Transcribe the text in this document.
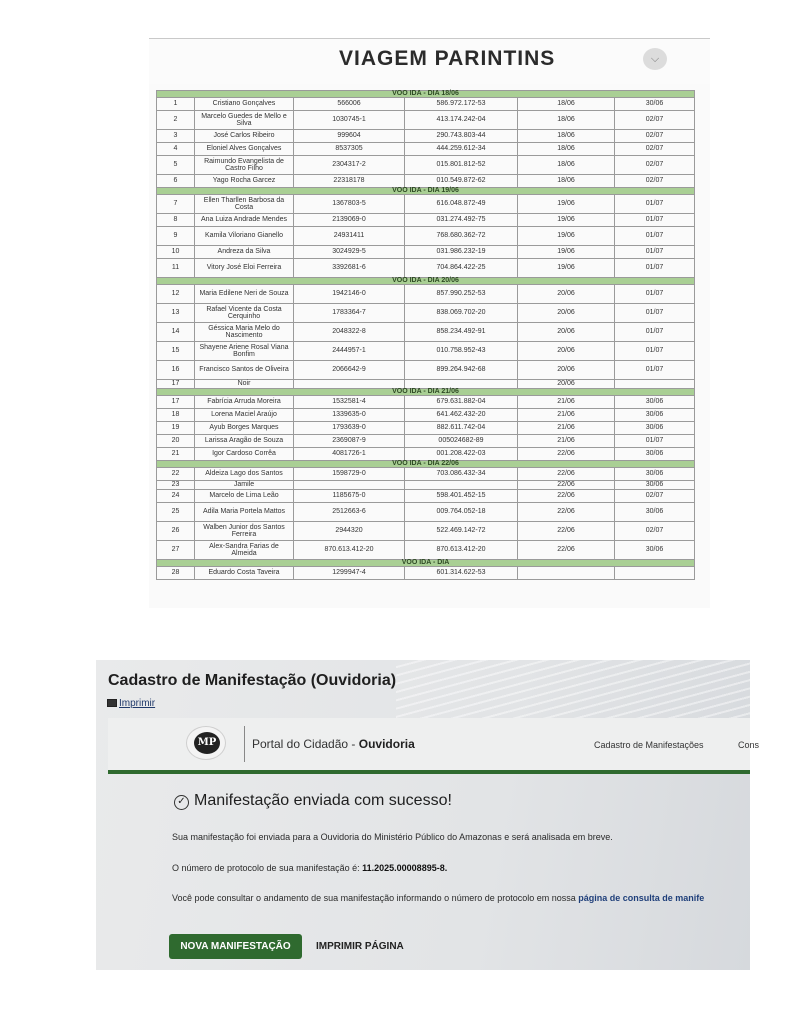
VIAGEM PARINTINS	⌵
VOO IDA - DIA 18/06					
1	Cristiano Gonçalves	566006	586.972.172-53	18/06	30/06
2	Marcelo Guedes de Mello e Silva	1030745-1	413.174.242-04	18/06	02/07
3	José Carlos Ribeiro	999604	290.743.803-44	18/06	02/07
4	Eloniel Alves Gonçalves	8537305	444.259.612-34	18/06	02/07
5	Raimundo Evangelista de Castro Filho	2304317-2	015.801.812-52	18/06	02/07
6	Yago Rocha Garcez	22318178	010.549.872-62	18/06	02/07
VOO IDA - DIA 19/06					
7	Ellen Tharllen Barbosa da Costa	1367803-5	616.048.872-49	19/06	01/07
8	Ana Luiza Andrade Mendes	2139069-0	031.274.492-75	19/06	01/07
9	Kamila Viloriano Gianello	24931411	768.680.362-72	19/06	01/07
10	Andreza da Silva	3024929-5	031.986.232-19	19/06	01/07
11	Vitory José Eloi Ferreira	3392681-6	704.864.422-25	19/06	01/07
VOO IDA - DIA 20/06					
12	Maria Edilene Neri de Souza	1942146-0	857.990.252-53	20/06	01/07
13	Rafael Vicente da Costa Cerquinho	1783364-7	838.069.702-20	20/06	01/07
14	Géssica Maria Melo do Nascimento	2048322-8	858.234.492-91	20/06	01/07
15	Shayene Ariene Rosal Viana Bonfim	2444957-1	010.758.952-43	20/06	01/07
16	Francisco Santos de Oliveira	2066642-9	899.264.942-68	20/06	01/07
17	Noir			20/06	
VOO IDA - DIA 21/06					
17	Fabrícia Arruda Moreira	1532581-4	679.631.882-04	21/06	30/06
18	Lorena Maciel Araújo	1339635-0	641.462.432-20	21/06	30/06
19	Ayub Borges Marques	1793639-0	882.611.742-04	21/06	30/06
20	Larissa Aragão de Souza	2369087-9	005024682-89	21/06	01/07
21	Igor Cardoso Corrêa	4081726-1	001.208.422-03	22/06	30/06
VOO IDA - DIA 22/06					
22	Aldeiza Lago dos Santos	1598729-0	703.086.432-34	22/06	30/06
23	Jamile			22/06	30/06
24	Marcelo de Lima Leão	1185675-0	598.401.452-15	22/06	02/07
25	Adila Maria Portela Mattos	2512663-6	009.764.052-18	22/06	30/06
26	Walben Junior dos Santos Ferreira	2944320	522.469.142-72	22/06	02/07
27	Alex-Sandra Farias de Almeida	870.613.412-20	870.613.412-20	22/06	30/06
VOO IDA - DIA					
28	Eduardo Costa Taveira	1299947-4	601.314.622-53		
Cadastro de Manifestação (Ouvidoria)
Imprimir
MP	Portal do Cidadão - Ouvidoria	Cadastro de Manifestações	Cons
✓ Manifestação enviada com sucesso!
Sua manifestação foi enviada para a Ouvidoria do Ministério Público do Amazonas e será analisada em breve.
O número de protocolo de sua manifestação é: 11.2025.00008895-8.
Você pode consultar o andamento de sua manifestação informando o número de protocolo em nossa página de consulta de manife
NOVA MANIFESTAÇÃO	IMPRIMIR PÁGINA
